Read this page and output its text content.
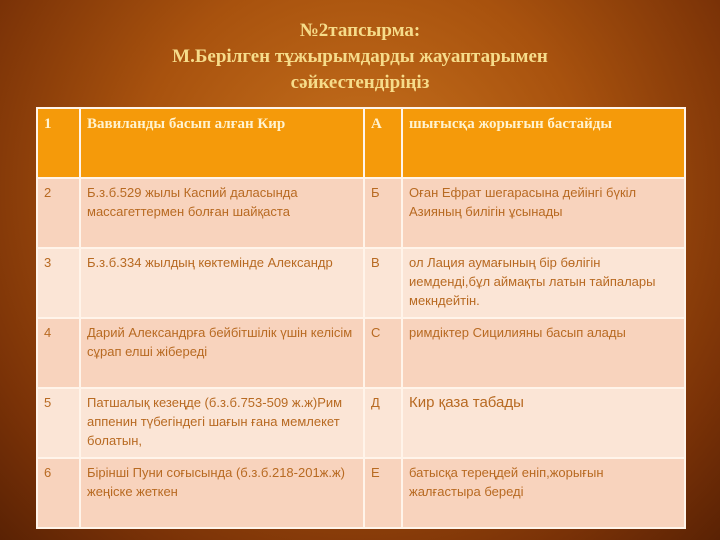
№2тапсырма:
М.Берілген тұжырымдарды жауаптарымен
сәйкестендіріңіз
1	Вавиланды басып алған Кир	А	шығысқа жорығын бастайды
2	Б.з.б.529 жылы Каспий даласында массагеттермен болған шайқаста	Б	Оған Ефрат шегарасына дейінгі бүкіл Азияның билігін ұсынады
3	Б.з.б.334 жылдың көктемінде Александр	В	ол Лация аумағының бір бөлігін иемденді,бұл аймақты латын тайпалары мекндейтін.
4	Дарий Александрға бейбітшілік үшін келісім сұрап елші жібереді	С	римдіктер Сицилияны басып алады
5	Патшалық кезеңде (б.з.б.753-509 ж.ж)Рим аппенин түбегіндегі шағын ғана мемлекет болатын,	Д	Кир қаза табады
6	Бірінші Пуни соғысында (б.з.б.218-201ж.ж) жеңіске жеткен	Е	батысқа тереңдей еніп,жорығын жалғастыра береді
